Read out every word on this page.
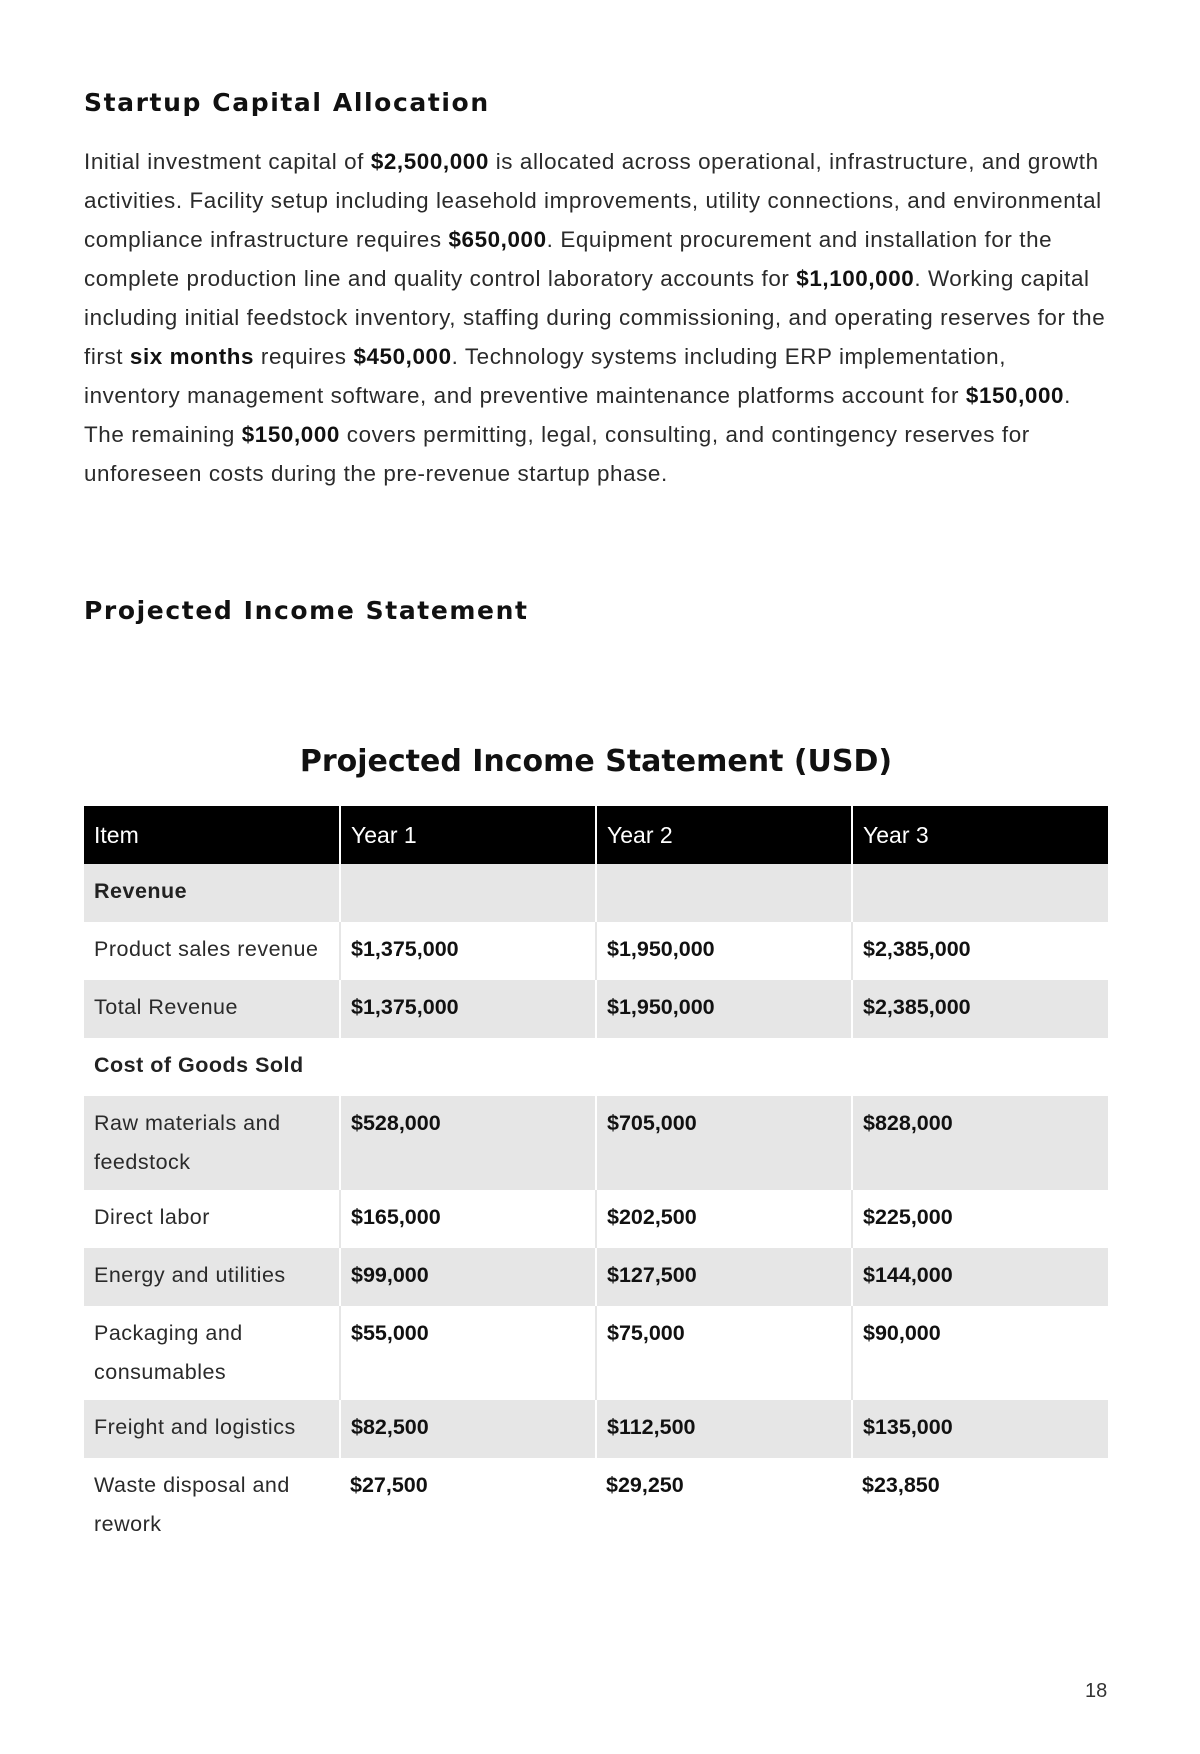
Startup Capital Allocation

Initial investment capital of $2,500,000 is allocated across operational, infrastructure, and growth activities. Facility setup including leasehold improvements, utility connections, and environmental compliance infrastructure requires $650,000. Equipment procurement and installation for the complete production line and quality control laboratory accounts for $1,100,000. Working capital including initial feedstock inventory, staffing during commissioning, and operating reserves for the first six months requires $450,000. Technology systems including ERP implementation, inventory management software, and preventive maintenance platforms account for $150,000. The remaining $150,000 covers permitting, legal, consulting, and contingency reserves for unforeseen costs during the pre-revenue startup phase.

Projected Income Statement
Projected Income Statement (USD)
Item	Year 1	Year 2	Year 3

Revenue			

Product sales revenue	$1,375,000	$1,950,000	$2,385,000

Total Revenue	$1,375,000	$1,950,000	$2,385,000

Cost of Goods Sold			

Raw materials and feedstock	$528,000	$705,000	$828,000

Direct labor	$165,000	$202,500	$225,000

Energy and utilities	$99,000	$127,500	$144,000

Packaging and consumables	$55,000	$75,000	$90,000

Freight and logistics	$82,500	$112,500	$135,000

Waste disposal and rework	$27,500	$29,250	$23,850

18
